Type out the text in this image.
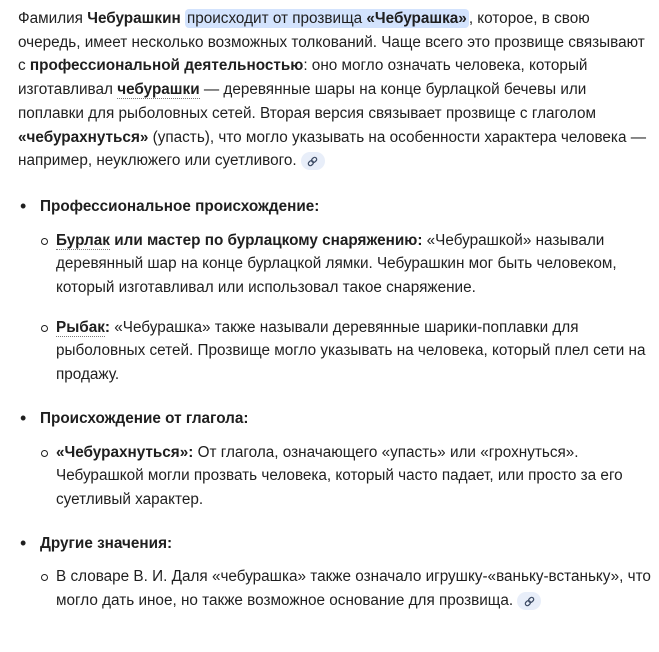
Фамилия Чебурашкин происходит от прозвища «Чебурашка» , которое, в свою очередь, имеет несколько возможных толкований. Чаще всего это прозвище связывают с профессиональной деятельностью: оно могло означать человека, который изготавливал чебурашки — деревянные шары на конце бурлацкой бечевы или поплавки для рыболовных сетей. Вторая версия связывает прозвище с глаголом «чебурахнуться» (упасть), что могло указывать на особенности характера человека — например, неуклюжего или суетливого.

• Профессиональное происхождение:
Бурлак или мастер по бурлацкому снаряжению: «Чебурашкой» называли деревянный шар на конце бурлацкой лямки. Чебурашкин мог быть человеком, который изготавливал или использовал такое снаряжение.
Рыбак: «Чебурашка» также называли деревянные шарики-поплавки для рыболовных сетей. Прозвище могло указывать на человека, который плел сети на продажу.
• Происхождение от глагола:
«Чебурахнуться»: От глагола, означающего «упасть» или «грохнуться». Чебурашкой могли прозвать человека, который часто падает, или просто за его суетливый характер.
• Другие значения:
В словаре В. И. Даля «чебурашка» также означало игрушку-«ваньку-встаньку», что могло дать иное, но также возможное основание для прозвища.
